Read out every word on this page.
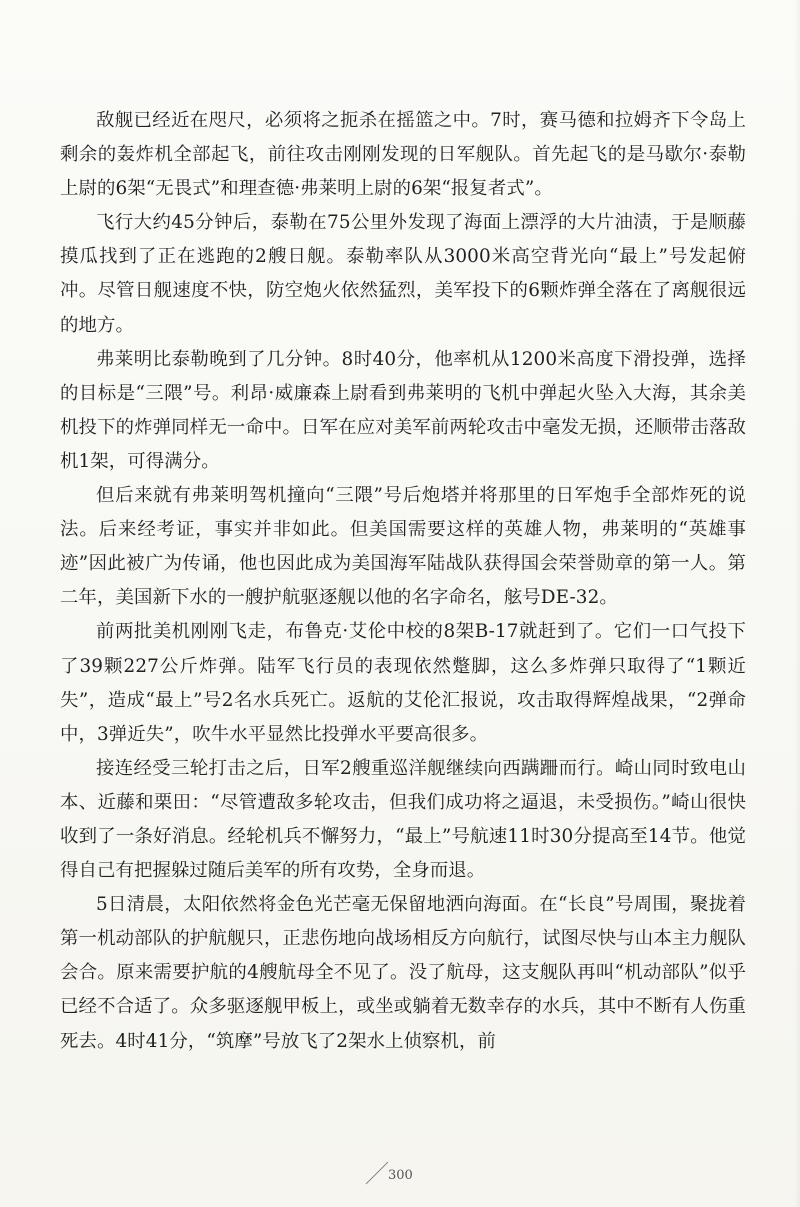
敌舰已经近在咫尺，必须将之扼杀在摇篮之中。7时，赛马德和拉姆齐下令岛上剩余的轰炸机全部起飞，前往攻击刚刚发现的日军舰队。首先起飞的是马歇尔·泰勒上尉的6架“无畏式”和理查德·弗莱明上尉的6架“报复者式”。

飞行大约45分钟后，泰勒在75公里外发现了海面上漂浮的大片油渍，于是顺藤摸瓜找到了正在逃跑的2艘日舰。泰勒率队从3000米高空背光向“最上”号发起俯冲。尽管日舰速度不快，防空炮火依然猛烈，美军投下的6颗炸弹全落在了离舰很远的地方。

弗莱明比泰勒晚到了几分钟。8时40分，他率机从1200米高度下滑投弹，选择的目标是“三隈”号。利昂·威廉森上尉看到弗莱明的飞机中弹起火坠入大海，其余美机投下的炸弹同样无一命中。日军在应对美军前两轮攻击中毫发无损，还顺带击落敌机1架，可得满分。

但后来就有弗莱明驾机撞向“三隈”号后炮塔并将那里的日军炮手全部炸死的说法。后来经考证，事实并非如此。但美国需要这样的英雄人物，弗莱明的“英雄事迹”因此被广为传诵，他也因此成为美国海军陆战队获得国会荣誉勋章的第一人。第二年，美国新下水的一艘护航驱逐舰以他的名字命名，舷号DE-32。

前两批美机刚刚飞走，布鲁克·艾伦中校的8架B-17就赶到了。它们一口气投下了39颗227公斤炸弹。陆军飞行员的表现依然蹩脚，这么多炸弹只取得了“1颗近失”，造成“最上”号2名水兵死亡。返航的艾伦汇报说，攻击取得辉煌战果，“2弹命中，3弹近失”，吹牛水平显然比投弹水平要高很多。

接连经受三轮打击之后，日军2艘重巡洋舰继续向西蹒跚而行。崎山同时致电山本、近藤和栗田：“尽管遭敌多轮攻击，但我们成功将之逼退，未受损伤。”崎山很快收到了一条好消息。经轮机兵不懈努力，“最上”号航速11时30分提高至14节。他觉得自己有把握躲过随后美军的所有攻势，全身而退。

5日清晨，太阳依然将金色光芒毫无保留地洒向海面。在“长良”号周围，聚拢着第一机动部队的护航舰只，正悲伤地向战场相反方向航行，试图尽快与山本主力舰队会合。原来需要护航的4艘航母全不见了。没了航母，这支舰队再叫“机动部队”似乎已经不合适了。众多驱逐舰甲板上，或坐或躺着无数幸存的水兵，其中不断有人伤重死去。4时41分，“筑摩”号放飞了2架水上侦察机，前

300
